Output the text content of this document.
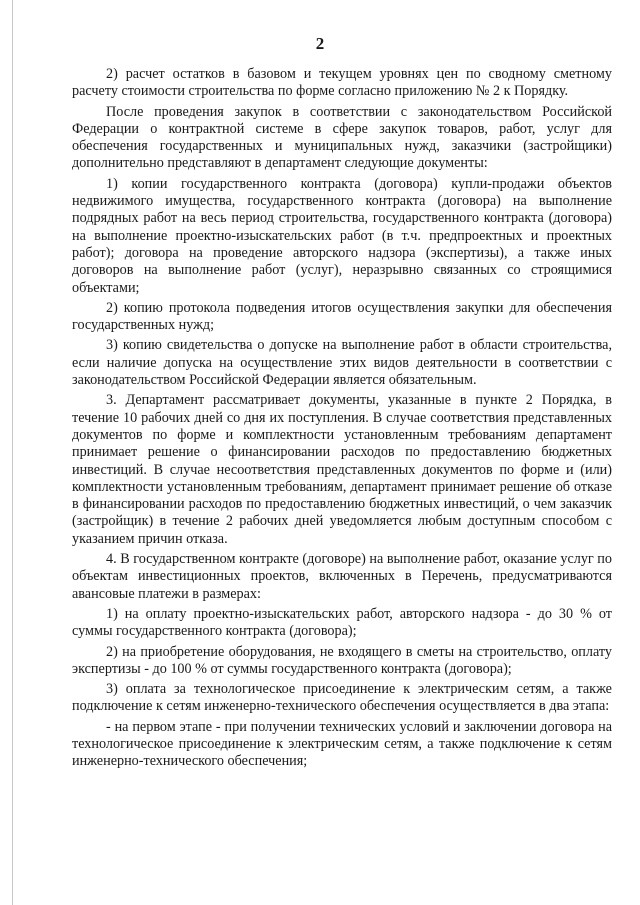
2

2) расчет остатков в базовом и текущем уровнях цен по сводному сметному расчету стоимости строительства по форме согласно приложению № 2 к Порядку.

После проведения закупок в соответствии с законодательством Российской Федерации о контрактной системе в сфере закупок товаров, работ, услуг для обеспечения государственных и муниципальных нужд, заказчики (застройщики) дополнительно представляют в департамент следующие документы:

1) копии государственного контракта (договора) купли-продажи объектов недвижимого имущества, государственного контракта (договора) на выполнение подрядных работ на весь период строительства, государственного контракта (договора) на выполнение проектно-изыскательских работ (в т.ч. предпроектных и проектных работ); договора на проведение авторского надзора (экспертизы), а также иных договоров на выполнение работ (услуг), неразрывно связанных со строящимися объектами;

2) копию протокола подведения итогов осуществления закупки для обеспечения государственных нужд;

3) копию свидетельства о допуске на выполнение работ в области строительства, если наличие допуска на осуществление этих видов деятельности в соответствии с законодательством Российской Федерации является обязательным.

3. Департамент рассматривает документы, указанные в пункте 2 Порядка, в течение 10 рабочих дней со дня их поступления. В случае соответствия представленных документов по форме и комплектности установленным требованиям департамент принимает решение о финансировании расходов по предоставлению бюджетных инвестиций. В случае несоответствия представленных документов по форме и (или) комплектности установленным требованиям, департамент принимает решение об отказе в финансировании расходов по предоставлению бюджетных инвестиций, о чем заказчик (застройщик) в течение 2 рабочих дней уведомляется любым доступным способом с указанием причин отказа.

4. В государственном контракте (договоре) на выполнение работ, оказание услуг по объектам инвестиционных проектов, включенных в Перечень, предусматриваются авансовые платежи в размерах:

1) на оплату проектно-изыскательских работ, авторского надзора - до 30 % от суммы государственного контракта (договора);

2) на приобретение оборудования, не входящего в сметы на строительство, оплату экспертизы - до 100 % от суммы государственного контракта (договора);

3) оплата за технологическое присоединение к электрическим сетям, а также подключение к сетям инженерно-технического обеспечения осуществляется в два этапа:

- на первом этапе - при получении технических условий и заключении договора на технологическое присоединение к электрическим сетям, а также подключение к сетям инженерно-технического обеспечения;
